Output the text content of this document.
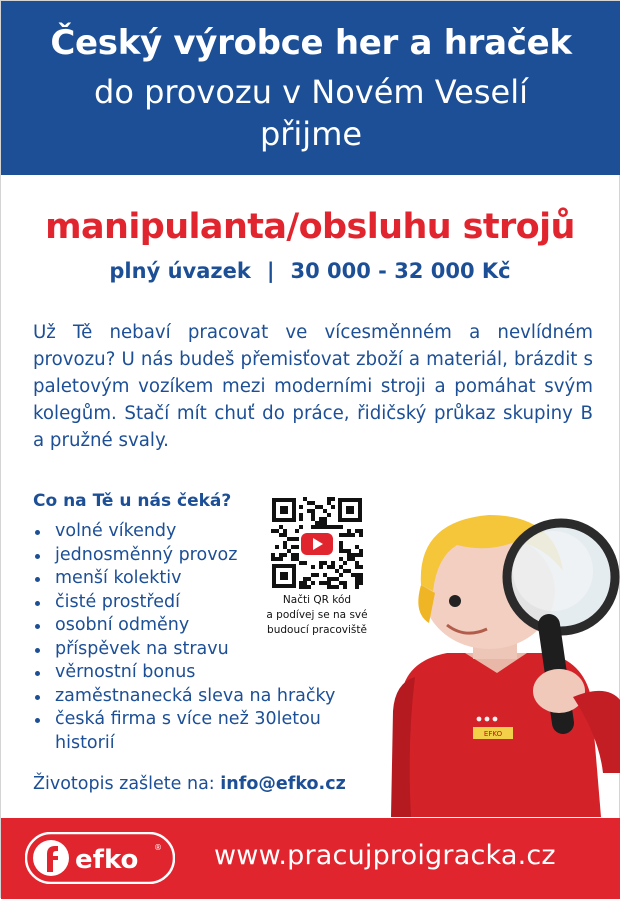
Český výrobce her a hraček
do provozu v Novém Veselí
přijme
manipulanta/obsluhu strojů
plný úvazek | 30 000 - 32 000 Kč

Už Tě nebaví pracovat ve vícesměnném a nevlídném provozu? U nás budeš přemisťovat zboží a materiál, brázdit s paletovým vozíkem mezi moderními stroji a pomáhat svým kolegům. Stačí mít chuť do práce, řidičský průkaz skupiny B a pružné svaly.

Co na Tě u nás čeká?
volné víkendy
jednosměnný provoz
menší kolektiv
čisté prostředí
osobní odměny
příspěvek na stravu
věrnostní bonus
zaměstnanecká sleva na hračky
česká firma s více než 30letou historií
Životopis zašlete na: info@efko.cz
Načti QR kód
a podívej se na své
budoucí pracoviště
EFKO
efko ® www.pracujproigracka.cz
